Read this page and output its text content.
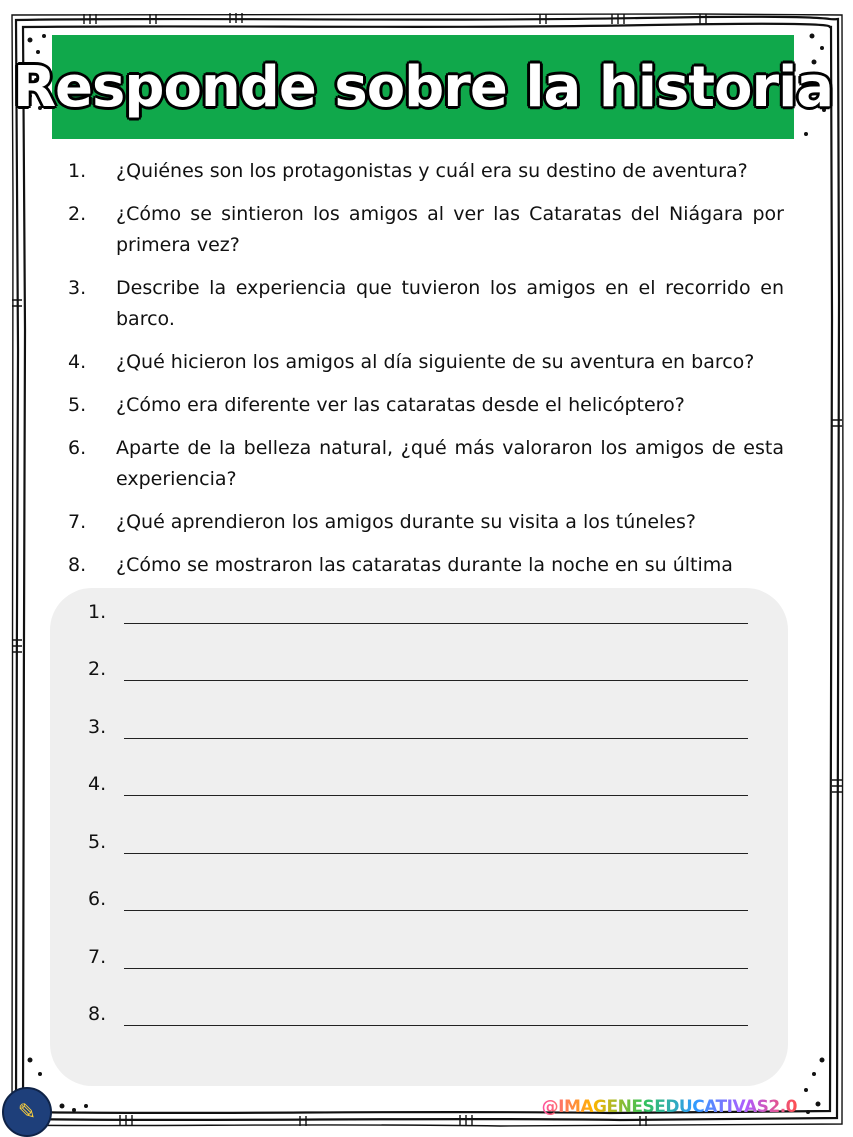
Responde sobre la historia
1.	¿Quiénes son los protagonistas y cuál era su destino de aventura?
2.	¿Cómo se sintieron los amigos al ver las Cataratas del Niágara por primera vez?
3.	Describe la experiencia que tuvieron los amigos en el recorrido en barco.
4.	¿Qué hicieron los amigos al día siguiente de su aventura en barco?
5.	¿Cómo era diferente ver las cataratas desde el helicóptero?
6.	Aparte de la belleza natural, ¿qué más valoraron los amigos de esta experiencia?
7.	¿Qué aprendieron los amigos durante su visita a los túneles?
8.	¿Cómo se mostraron las cataratas durante la noche en su última
1.
2.
3.
4.
5.
6.
7.
8.
✎	@IMAGENESEDUCATIVAS2.0
